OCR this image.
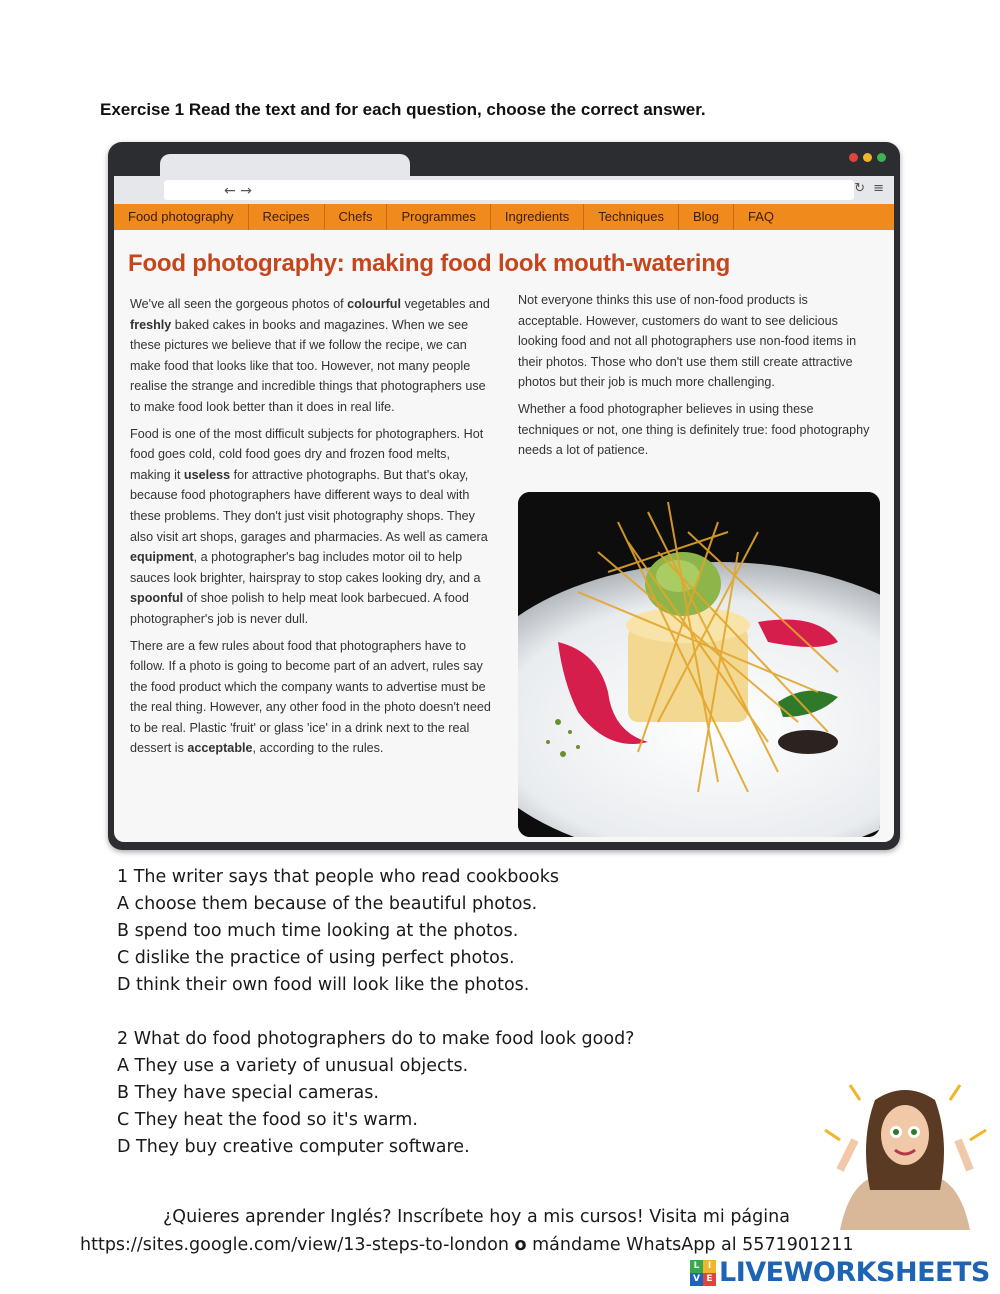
Exercise 1 Read the text and for each question, choose the correct answer.
← →	↻ ≡
Food photography	Recipes	Chefs	Programmes	Ingredients	Techniques	Blog	FAQ
Food photography: making food look mouth-watering

We've all seen the gorgeous photos of colourful vegetables and freshly baked cakes in books and magazines. When we see these pictures we believe that if we follow the recipe, we can make food that looks like that too. However, not many people realise the strange and incredible things that photographers use to make food look better than it does in real life.

Food is one of the most difficult subjects for photographers. Hot food goes cold, cold food goes dry and frozen food melts, making it useless for attractive photographs. But that's okay, because food photographers have different ways to deal with these problems. They don't just visit photography shops. They also visit art shops, garages and pharmacies. As well as camera equipment, a photographer's bag includes motor oil to help sauces look brighter, hairspray to stop cakes looking dry, and a spoonful of shoe polish to help meat look barbecued. A food photographer's job is never dull.

There are a few rules about food that photographers have to follow. If a photo is going to become part of an advert, rules say the food product which the company wants to advertise must be the real thing. However, any other food in the photo doesn't need to be real. Plastic 'fruit' or glass 'ice' in a drink next to the real dessert is acceptable, according to the rules.

Not everyone thinks this use of non-food products is acceptable. However, customers do want to see delicious looking food and not all photographers use non-food items in their photos. Those who don't use them still create attractive photos but their job is much more challenging.

Whether a food photographer believes in using these techniques or not, one thing is definitely true: food photography needs a lot of patience.

1 The writer says that people who read cookbooks
A choose them because of the beautiful photos.
B spend too much time looking at the photos.
C dislike the practice of using perfect photos.
D think their own food will look like the photos.
2 What do food photographers do to make food look good?
A They use a variety of unusual objects.
B They have special cameras.
C They heat the food so it's warm.
D They buy creative computer software.
¿Quieres aprender Inglés? Inscríbete hoy a mis cursos! Visita mi página
https://sites.google.com/view/13-steps-to-london o mándame WhatsApp al 5571901211
L I
V E LIVEWORKSHEETS
